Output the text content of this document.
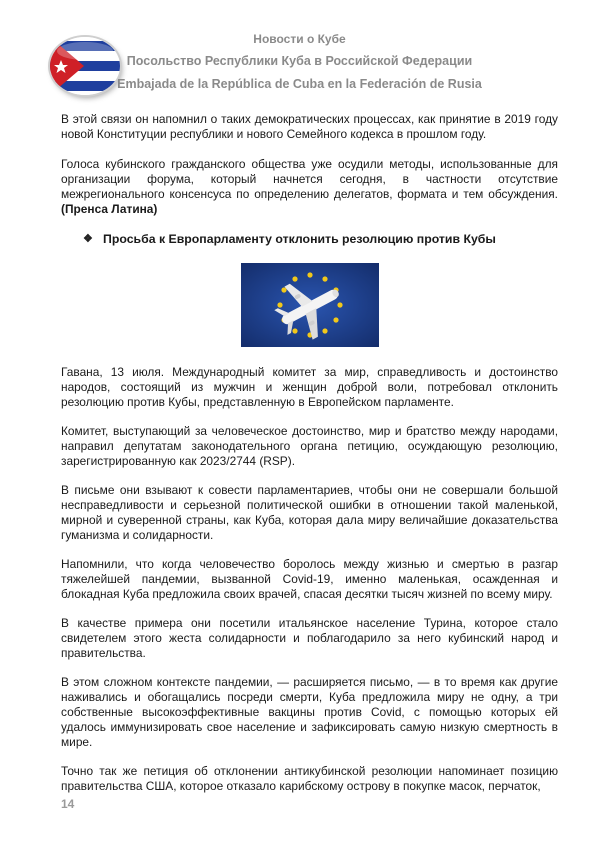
Новости о Кубе
Посольство Республики Куба в Российской Федерации
Embajada de la República de Cuba en la Federación de Rusia

В этой связи он напомнил о таких демократических процессах, как принятие в 2019 году новой Конституции республики и нового Семейного кодекса в прошлом году.

Голоса кубинского гражданского общества уже осудили методы, использованные для организации форума, который начнется сегодня, в частности отсутствие межрегионального консенсуса по определению делегатов, формата и тем обсуждения. (Пренса Латина)

❖ Просьба к Европарламенту отклонить резолюцию против Кубы

Гавана, 13 июля. Международный комитет за мир, справедливость и достоинство народов, состоящий из мужчин и женщин доброй воли, потребовал отклонить резолюцию против Кубы, представленную в Европейском парламенте.

Комитет, выступающий за человеческое достоинство, мир и братство между народами, направил депутатам законодательного органа петицию, осуждающую резолюцию, зарегистрированную как 2023/2744 (RSP).

В письме они взывают к совести парламентариев, чтобы они не совершали большой несправедливости и серьезной политической ошибки в отношении такой маленькой, мирной и суверенной страны, как Куба, которая дала миру величайшие доказательства гуманизма и солидарности.

Напомнили, что когда человечество боролось между жизнью и смертью в разгар тяжелейшей пандемии, вызванной Covid-19, именно маленькая, осажденная и блокадная Куба предложила своих врачей, спасая десятки тысяч жизней по всему миру.

В качестве примера они посетили итальянское население Турина, которое стало свидетелем этого жеста солидарности и поблагодарило за него кубинский народ и правительства.

В этом сложном контексте пандемии, — расширяется письмо, — в то время как другие наживались и обогащались посреди смерти, Куба предложила миру не одну, а три собственные высокоэффективные вакцины против Covid, с помощью которых ей удалось иммунизировать свое население и зафиксировать самую низкую смертность в мире.

Точно так же петиция об отклонении антикубинской резолюции напоминает позицию правительства США, которое отказало карибскому острову в покупке масок, перчаток,

14
